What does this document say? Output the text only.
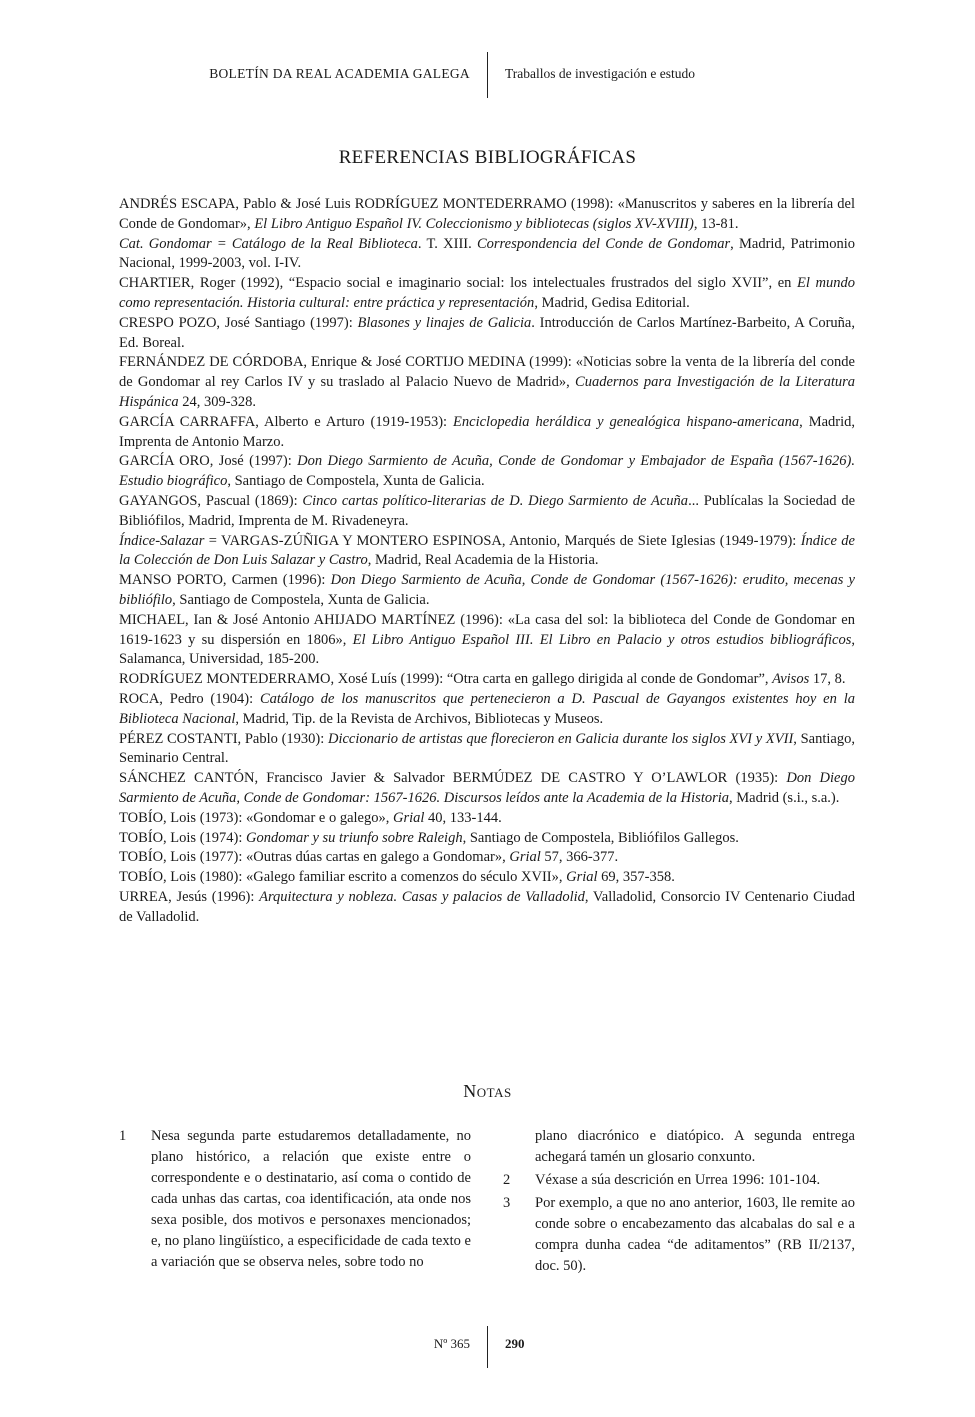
BOLETÍN DA REAL ACADEMIA GALEGA	Traballos de investigación e estudo
REFERENCIAS BIBLIOGRÁFICAS

ANDRÉS ESCAPA, Pablo & José Luis RODRÍGUEZ MONTEDERRAMO (1998): «Manuscritos y saberes en la librería del Conde de Gondomar», El Libro Antiguo Español IV. Coleccionismo y bibliotecas (siglos XV-XVIII), 13-81.

Cat. Gondomar = Catálogo de la Real Biblioteca. T. XIII. Correspondencia del Conde de Gondomar, Madrid, Patrimonio Nacional, 1999-2003, vol. I-IV.

CHARTIER, Roger (1992), “Espacio social e imaginario social: los intelectuales frustrados del siglo XVII”, en El mundo como representación. Historia cultural: entre práctica y representación, Madrid, Gedisa Editorial.

CRESPO POZO, José Santiago (1997): Blasones y linajes de Galicia. Introducción de Carlos Martínez-Barbeito, A Coruña, Ed. Boreal.

FERNÁNDEZ DE CÓRDOBA, Enrique & José CORTIJO MEDINA (1999): «Noticias sobre la venta de la librería del conde de Gondomar al rey Carlos IV y su traslado al Palacio Nuevo de Madrid», Cuadernos para Investigación de la Literatura Hispánica 24, 309-328.

GARCÍA CARRAFFA, Alberto e Arturo (1919-1953): Enciclopedia heráldica y genealógica hispano-americana, Madrid, Imprenta de Antonio Marzo.

GARCÍA ORO, José (1997): Don Diego Sarmiento de Acuña, Conde de Gondomar y Embajador de España (1567-1626). Estudio biográfico, Santiago de Compostela, Xunta de Galicia.

GAYANGOS, Pascual (1869): Cinco cartas político-literarias de D. Diego Sarmiento de Acuña... Publícalas la Sociedad de Bibliófilos, Madrid, Imprenta de M. Rivadeneyra.

Índice-Salazar = VARGAS-ZÚÑIGA Y MONTERO ESPINOSA, Antonio, Marqués de Siete Iglesias (1949-1979): Índice de la Colección de Don Luis Salazar y Castro, Madrid, Real Academia de la Historia.

MANSO PORTO, Carmen (1996): Don Diego Sarmiento de Acuña, Conde de Gondomar (1567-1626): erudito, mecenas y bibliófilo, Santiago de Compostela, Xunta de Galicia.

MICHAEL, Ian & José Antonio AHIJADO MARTÍNEZ (1996): «La casa del sol: la biblioteca del Conde de Gondomar en 1619-1623 y su dispersión en 1806», El Libro Antiguo Español III. El Libro en Palacio y otros estudios bibliográficos, Salamanca, Universidad, 185-200.

RODRÍGUEZ MONTEDERRAMO, Xosé Luís (1999): “Otra carta en gallego dirigida al conde de Gondomar”, Avisos 17, 8.

ROCA, Pedro (1904): Catálogo de los manuscritos que pertenecieron a D. Pascual de Gayangos existentes hoy en la Biblioteca Nacional, Madrid, Tip. de la Revista de Archivos, Bibliotecas y Museos.

PÉREZ COSTANTI, Pablo (1930): Diccionario de artistas que florecieron en Galicia durante los siglos XVI y XVII, Santiago, Seminario Central.

SÁNCHEZ CANTÓN, Francisco Javier & Salvador BERMÚDEZ DE CASTRO Y O’LAWLOR (1935): Don Diego Sarmiento de Acuña, Conde de Gondomar: 1567-1626. Discursos leídos ante la Academia de la Historia, Madrid (s.i., s.a.).

TOBÍO, Lois (1973): «Gondomar e o galego», Grial 40, 133-144.

TOBÍO, Lois (1974): Gondomar y su triunfo sobre Raleigh, Santiago de Compostela, Bibliófilos Gallegos.

TOBÍO, Lois (1977): «Outras dúas cartas en galego a Gondomar», Grial 57, 366-377.

TOBÍO, Lois (1980): «Galego familiar escrito a comenzos do século XVII», Grial 69, 357-358.

URREA, Jesús (1996): Arquitectura y nobleza. Casas y palacios de Valladolid, Valladolid, Consorcio IV Centenario Ciudad de Valladolid.

Notas
1 Nesa segunda parte estudaremos detalladamente, no plano histórico, a relación que existe entre o correspondente e o destinatario, así coma o contido de cada unhas das cartas, coa identificación, ata onde nos sexa posible, dos motivos e personaxes mencionados; e, no plano lingüístico, a especificidade de cada texto e a variación que se observa neles, sobre todo no
plano diacrónico e diatópico. A segunda entrega achegará tamén un glosario conxunto.
2 Véxase a súa descrición en Urrea 1996: 101-104.
3 Por exemplo, a que no ano anterior, 1603, lle remite ao conde sobre o encabezamento das alcabalas do sal e a compra dunha cadea “de aditamentos” (RB II/2137, doc. 50).
Nº 365	290
